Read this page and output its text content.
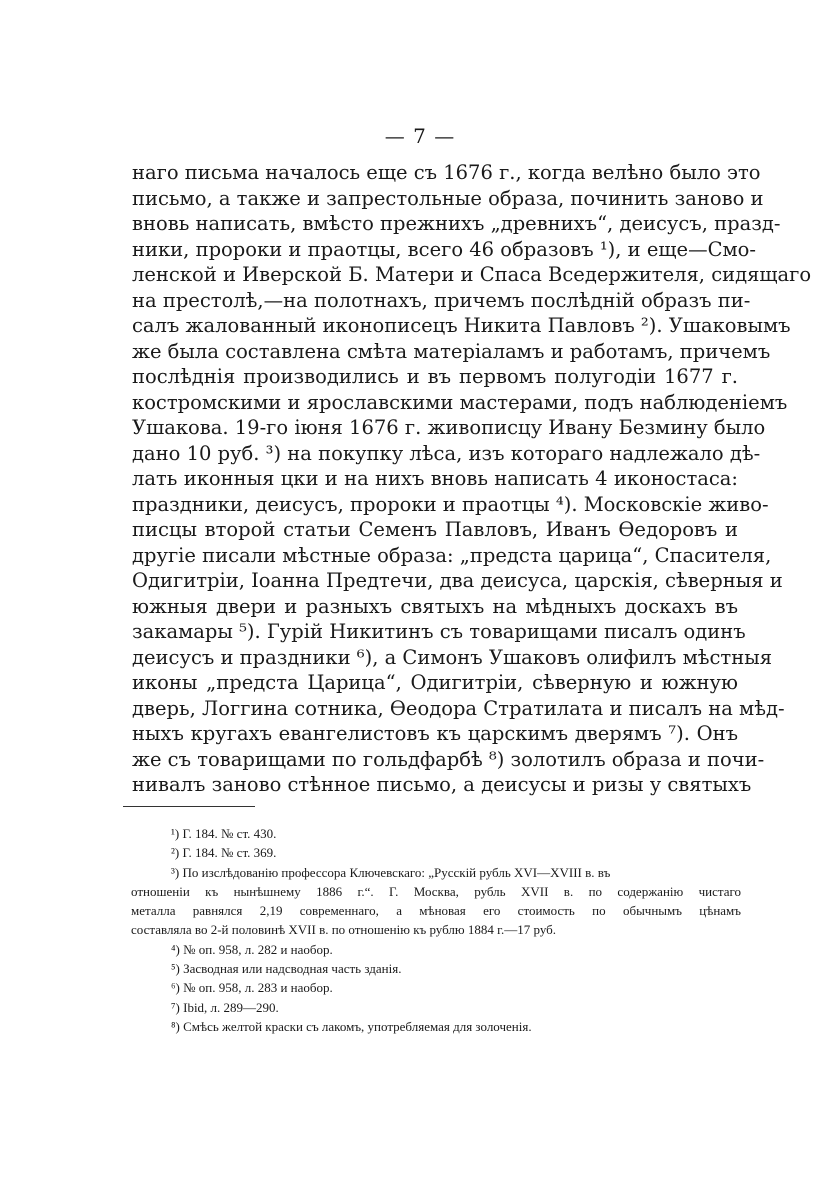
— 7 —
наго письма началось еще съ 1676 г., когда велѣно было это
письмо, а также и запрестольные образа, починить заново и
вновь написать, вмѣсто прежнихъ „древнихъ“, деисусъ, празд-
ники, пророки и праотцы, всего 46 образовъ ¹), и еще—Смо-
ленской и Иверской Б. Матери и Спаса Вседержителя, сидящаго
на престолѣ,—на полотнахъ, причемъ послѣдній образъ пи-
салъ жалованный иконописецъ Никита Павловъ ²). Ушаковымъ
же была составлена смѣта матеріаламъ и работамъ, причемъ
послѣднія производились и въ первомъ полугодіи 1677 г.
костромскими и ярославскими мастерами, подъ наблюденіемъ
Ушакова. 19-го іюня 1676 г. живописцу Ивану Безмину было
дано 10 руб. ³) на покупку лѣса, изъ котораго надлежало дѣ-
лать иконныя цки и на нихъ вновь написать 4 иконостаса:
праздники, деисусъ, пророки и праотцы ⁴). Московскіе живо-
писцы второй статьи Семенъ Павловъ, Иванъ Өедоровъ и
другіе писали мѣстные образа: „предста царица“, Спасителя,
Одигитріи, Іоанна Предтечи, два деисуса, царскія, сѣверныя и
южныя двери и разныхъ святыхъ на мѣдныхъ доскахъ въ
закамары ⁵). Гурій Никитинъ съ товарищами писалъ одинъ
деисусъ и праздники ⁶), а Симонъ Ушаковъ олифилъ мѣстныя
иконы „предста Царица“, Одигитріи, сѣверную и южную
дверь, Логгина сотника, Өеодора Стратилата и писалъ на мѣд-
ныхъ кругахъ евангелистовъ къ царскимъ дверямъ ⁷). Онъ
же съ товарищами по гольдфарбѣ ⁸) золотилъ образа и почи-
нивалъ заново стѣнное письмо, а деисусы и ризы у святыхъ
¹) Г. 184. № ст. 430.
²) Г. 184. № ст. 369.
³) По изслѣдованію профессора Ключевскаго: „Русскій рубль XVI—XVIII в. въ
отношеніи къ нынѣшнему 1886 г.“. Г. Москва, рубль XVII в. по содержанію чистаго
металла равнялся 2,19 современнаго, а мѣновая его стоимость по обычнымъ цѣнамъ
составляла во 2-й половинѣ XVII в. по отношенію къ рублю 1884 г.—17 руб.
⁴) № оп. 958, л. 282 и наобор.
⁵) Засводная или надсводная часть зданія.
⁶) № оп. 958, л. 283 и наобор.
⁷) Ibid, л. 289—290.
⁸) Смѣсь желтой краски съ лакомъ, употребляемая для золоченія.
